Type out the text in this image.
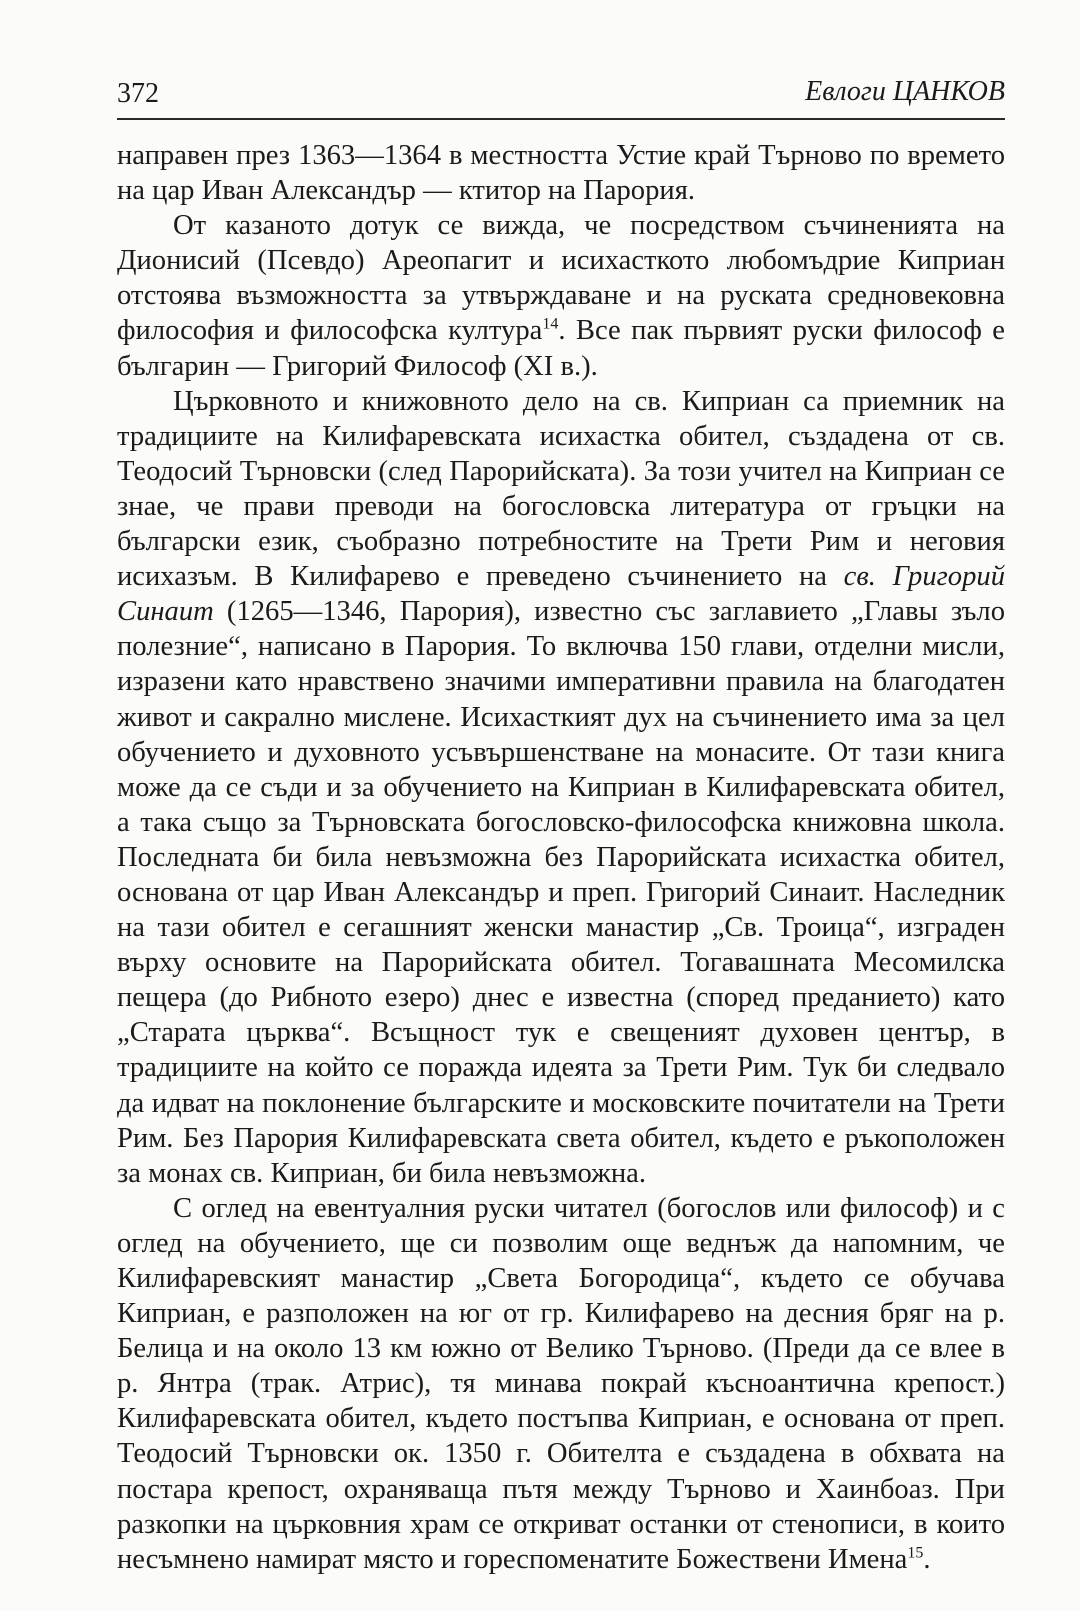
372	Евлоги ЦАНКОВ

направен през 1363—1364 в местността Устие край Търново по времето на цар Иван Александър — ктитор на Парория.

От казаното дотук се вижда, че посредством съчиненията на Дионисий (Псевдо) Ареопагит и исихасткото любомъдрие Киприан отстоява възможността за утвърждаване и на руската средновековна философия и философска култура$^{14}$. Все пак първият руски философ е българин — Григорий Философ (XI в.).

Църковното и книжовното дело на св. Киприан са приемник на традициите на Килифаревската исихастка обител, създадена от св. Теодосий Търновски (след Парорийската). За този учител на Киприан се знае, че прави преводи на богословска литература от гръцки на български език, съобразно потребностите на Трети Рим и неговия исихазъм. В Килифарево е преведено съчинението на св. Григорий Синаит (1265—1346, Парория), известно със заглавието „Главы зъло полезние“, написано в Парория. То включва 150 глави, отделни мисли, изразени като нравствено значими императивни правила на благодатен живот и сакрално мислене. Исихасткият дух на съчинението има за цел обучението и духовното усъвършенстване на монасите. От тази книга може да се съди и за обучението на Киприан в Килифаревската обител, а така също за Търновската богословско-философска книжовна школа. Последната би била невъзможна без Парорийската исихастка обител, основана от цар Иван Александър и преп. Григорий Синаит. Наследник на тази обител е сегашният женски манастир „Св. Троица“, изграден върху основите на Парорийската обител. Тогавашната Месомилска пещера (до Рибното езеро) днес е известна (според преданието) като „Старата църква“. Всъщност тук е свещеният духовен център, в традициите на който се поражда идеята за Трети Рим. Тук би следвало да идват на поклонение българските и московските почитатели на Трети Рим. Без Парория Килифаревската света обител, където е ръкоположен за монах св. Киприан, би била невъзможна.

С оглед на евентуалния руски читател (богослов или философ) и с оглед на обучението, ще си позволим още веднъж да напомним, че Килифаревският манастир „Света Богородица“, където се обучава Киприан, е разположен на юг от гр. Килифарево на десния бряг на р. Белица и на около 13 км южно от Велико Търново. (Преди да се влее в р. Янтра (трак. Атрис), тя минава покрай късноантична крепост.) Килифаревската обител, където постъпва Киприан, е основана от преп. Теодосий Търновски ок. 1350 г. Обителта е създадена в обхвата на постара крепост, охраняваща пътя между Търново и Хаинбоаз. При разкопки на църковния храм се откриват останки от стенописи, в които несъмнено намират място и гореспоменатите Божествени Имена$^{15}$.
